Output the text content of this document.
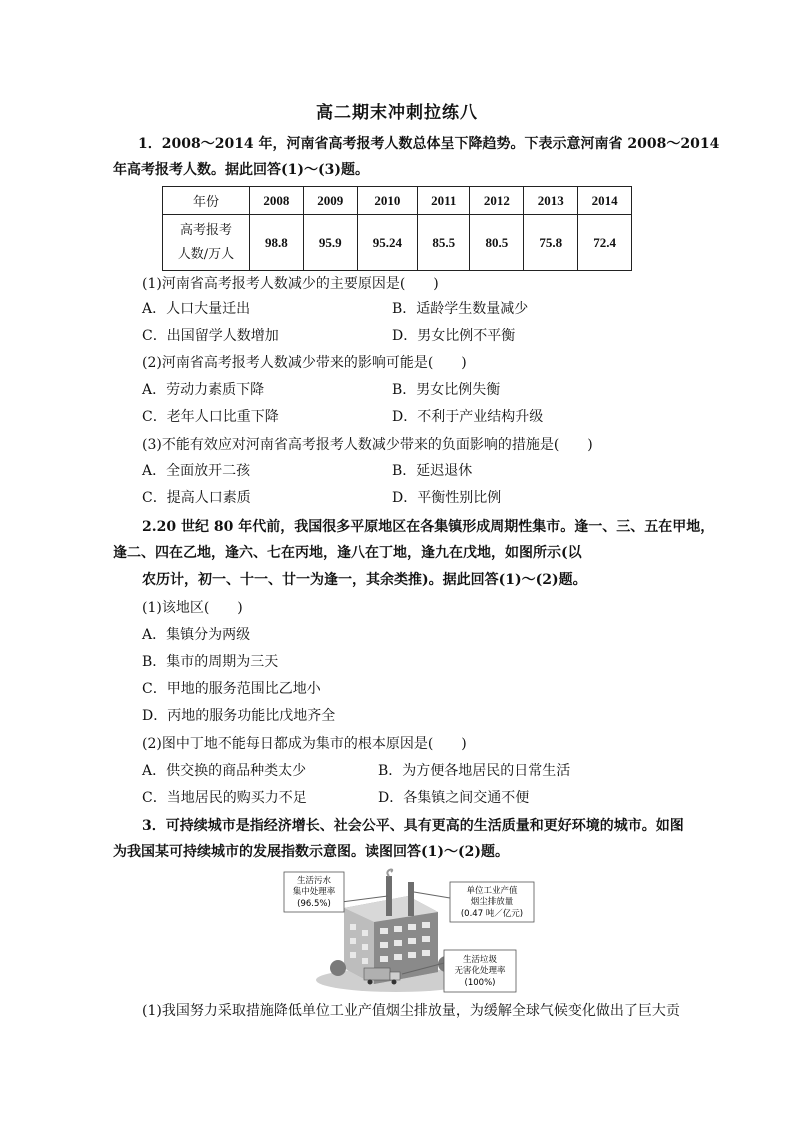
高二期末冲刺拉练八
1．2008～2014 年，河南省高考报考人数总体呈下降趋势。下表示意河南省 2008～2014
年高考报考人数。据此回答(1)～(3)题。
年份	2008	2009	2010	2011	2012	2013	2014

高考报考
人数/万人	98.8	95.9	95.24	85.5	80.5	75.8	72.4
(1)河南省高考报考人数减少的主要原因是(　　)
A．人口大量迁出	B．适龄学生数量减少
C．出国留学人数增加	D．男女比例不平衡
(2)河南省高考报考人数减少带来的影响可能是(　　)
A．劳动力素质下降	B．男女比例失衡
C．老年人口比重下降	D．不利于产业结构升级
(3)不能有效应对河南省高考报考人数减少带来的负面影响的措施是(　　)
A．全面放开二孩	B．延迟退休
C．提高人口素质	D．平衡性别比例
2.20 世纪 80 年代前，我国很多平原地区在各集镇形成周期性集市。逢一、三、五在甲地，
逢二、四在乙地，逢六、七在丙地，逢八在丁地，逢九在戊地，如图所示(以
农历计，初一、十一、廿一为逢一，其余类推)。据此回答(1)～(2)题。
(1)该地区(　　)
A．集镇分为两级
B．集市的周期为三天
C．甲地的服务范围比乙地小
D．丙地的服务功能比戊地齐全
(2)图中丁地不能每日都成为集市的根本原因是(　　)
A．供交换的商品种类太少	B．为方便各地居民的日常生活
C．当地居民的购买力不足	D．各集镇之间交通不便
3．可持续城市是指经济增长、社会公平、具有更高的生活质量和更好环境的城市。如图
为我国某可持续城市的发展指数示意图。读图回答(1)～(2)题。
生活污水
集中处理率
(96.5%)
单位工业产值
烟尘排放量
(0.47 吨／亿元)
生活垃圾
无害化处理率
(100%)
(1)我国努力采取措施降低单位工业产值烟尘排放量，为缓解全球气候变化做出了巨大贡
